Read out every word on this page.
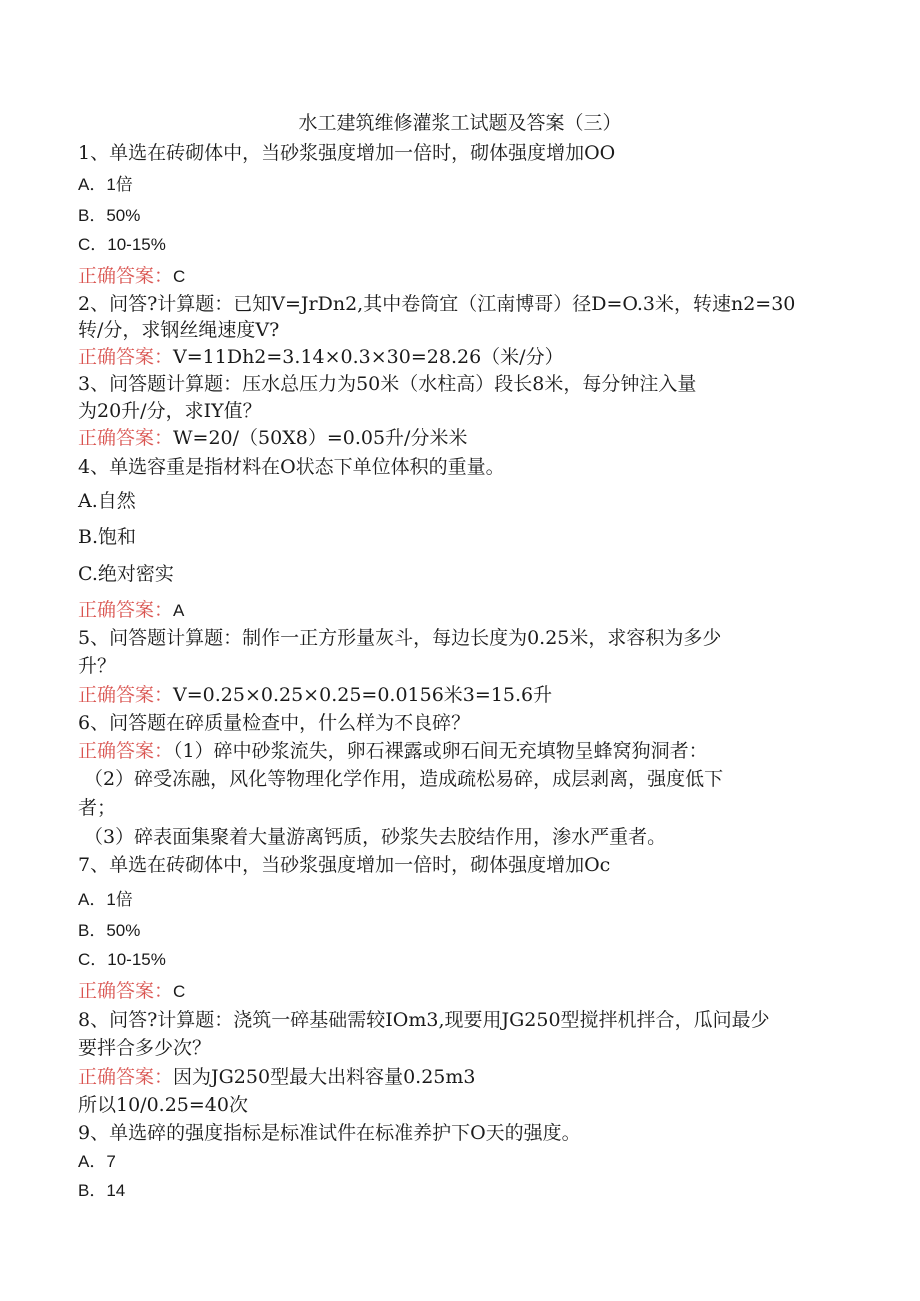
水工建筑维修灌浆工试题及答案（三）
1、单选在砖砌体中，当砂浆强度增加一倍时，砌体强度增加OO
A．1倍
B．50%
C．10-15%
正确答案：C
2、问答?计算题：已知V=JrDn2,其中卷筒宜（江南博哥）径D=O.3米，转速n2=30
转/分，求钢丝绳速度V?
正确答案：V=11Dh2=3.14×0.3×30=28.26（米/分）
3、问答题计算题：压水总压力为50米（水柱高）段长8米，每分钟注入量
为20升/分，求IY值？
正确答案：W=20/（50X8）=0.05升/分米米
4、单选容重是指材料在O状态下单位体积的重量。
A.自然
B.饱和
C.绝对密实
正确答案：A
5、问答题计算题：制作一正方形量灰斗，每边长度为0.25米，求容积为多少
升？
正确答案：V=0.25×0.25×0.25=0.0156米3=15.6升
6、问答题在碎质量检查中，什么样为不良碎？
正确答案：（1）碎中砂浆流失，卵石裸露或卵石间无充填物呈蜂窝狗洞者：
（2）碎受冻融，风化等物理化学作用，造成疏松易碎，成层剥离，强度低下
者；
（3）碎表面集聚着大量游离钙质，砂浆失去胶结作用，渗水严重者。
7、单选在砖砌体中，当砂浆强度增加一倍时，砌体强度增加Oc
A．1倍
B．50%
C．10-15%
正确答案：C
8、问答?计算题：浇筑一碎基础需较IOm3,现要用JG250型搅拌机拌合，瓜问最少
要拌合多少次？
正确答案：因为JG250型最大出料容量0.25m3
所以10/0.25=40次
9、单选碎的强度指标是标准试件在标准养护下O天的强度。
A．7
B．14
